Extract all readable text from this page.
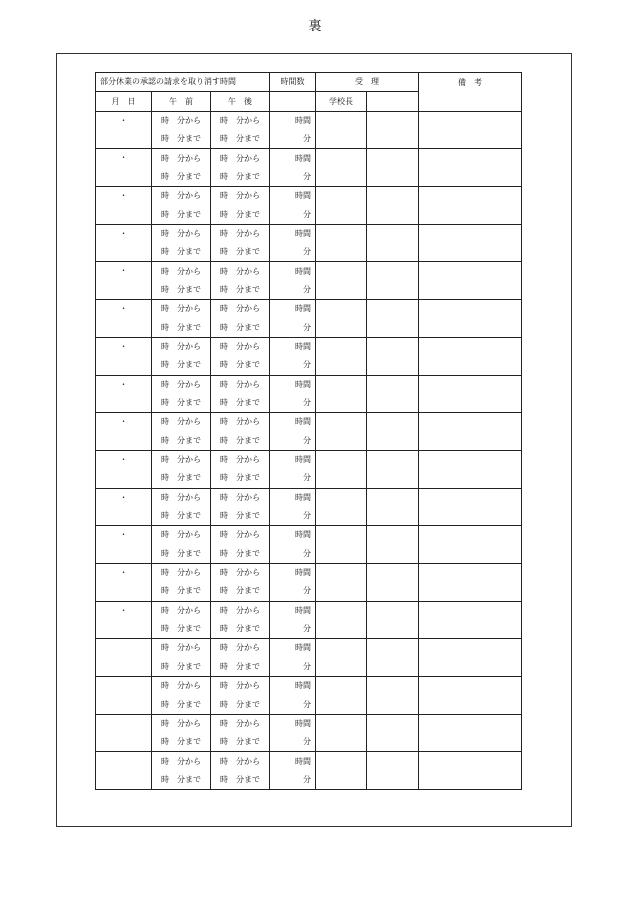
裏
部分休業の承認の請求を取り消す時間			時間数	受　理		備　考
月　日	午　前	午　後		学校長		
・	時　分から	時　分から	時間			
	時　分まで	時　分まで	分			
・	時　分から	時　分から	時間			
	時　分まで	時　分まで	分			
・	時　分から	時　分から	時間			
	時　分まで	時　分まで	分			
・	時　分から	時　分から	時間			
	時　分まで	時　分まで	分			
・	時　分から	時　分から	時間			
	時　分まで	時　分まで	分			
・	時　分から	時　分から	時間			
	時　分まで	時　分まで	分			
・	時　分から	時　分から	時間			
	時　分まで	時　分まで	分			
・	時　分から	時　分から	時間			
	時　分まで	時　分まで	分			
・	時　分から	時　分から	時間			
	時　分まで	時　分まで	分			
・	時　分から	時　分から	時間			
	時　分まで	時　分まで	分			
・	時　分から	時　分から	時間			
	時　分まで	時　分まで	分			
・	時　分から	時　分から	時間			
	時　分まで	時　分まで	分			
・	時　分から	時　分から	時間			
	時　分まで	時　分まで	分			
・	時　分から	時　分から	時間			
	時　分まで	時　分まで	分			
	時　分から	時　分から	時間			
	時　分まで	時　分まで	分			
	時　分から	時　分から	時間			
	時　分まで	時　分まで	分			
	時　分から	時　分から	時間			
	時　分まで	時　分まで	分			
	時　分から	時　分から	時間			
	時　分まで	時　分まで	分			
